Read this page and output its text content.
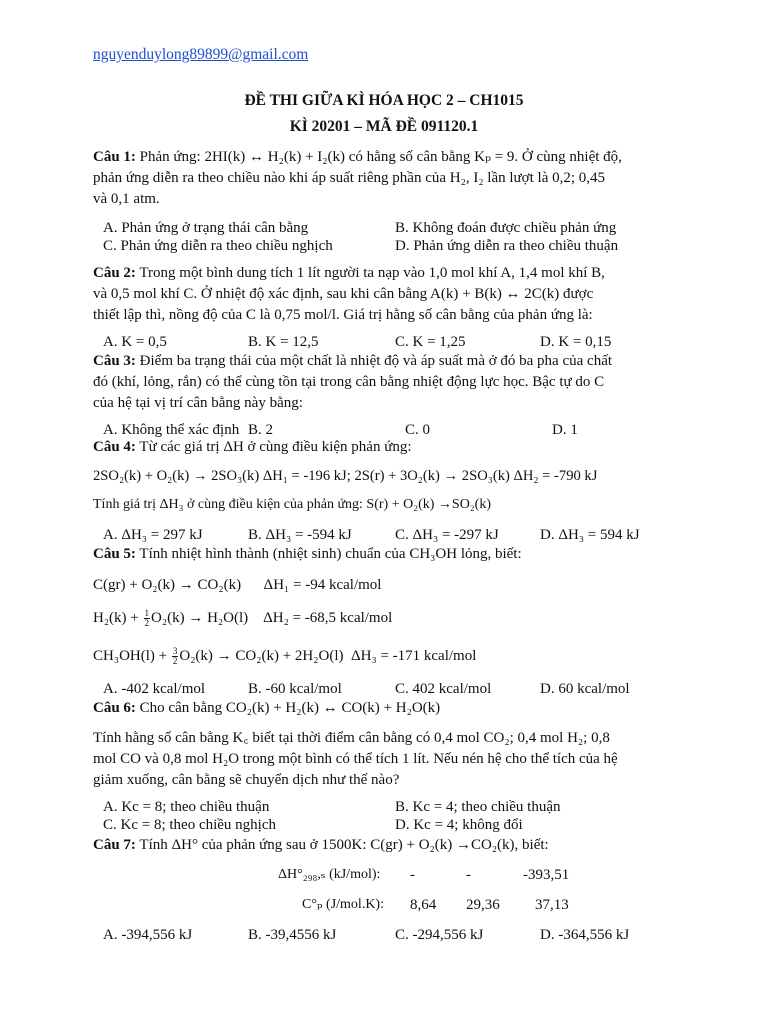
nguyenduylong89899@gmail.com
ĐỀ THI GIỮA KÌ HÓA HỌC 2 – CH1015
KÌ 20201 – MÃ ĐỀ 091120.1
Câu 1: Phản ứng: 2HI(k) ↔ H₂(k) + I₂(k) có hằng số cân bằng Kₚ = 9. Ở cùng nhiệt độ,
phản ứng diễn ra theo chiều nào khi áp suất riêng phần của H₂, I₂ lần lượt là 0,2; 0,45
và 0,1 atm.
A. Phản ứng ở trạng thái cân bằng	B. Không đoán được chiều phản ứng
C. Phản ứng diễn ra theo chiều nghịch	D. Phản ứng diễn ra theo chiều thuận
Câu 2: Trong một bình dung tích 1 lít người ta nạp vào 1,0 mol khí A, 1,4 mol khí B,
và 0,5 mol khí C. Ở nhiệt độ xác định, sau khi cân bằng A(k) + B(k) ↔ 2C(k) được
thiết lập thì, nồng độ của C là 0,75 mol/l. Giá trị hằng số cân bằng của phản ứng là:
A. K = 0,5	B. K = 12,5	C. K = 1,25	D. K = 0,15
Câu 3: Điểm ba trạng thái của một chất là nhiệt độ và áp suất mà ở đó ba pha của chất
đó (khí, lỏng, rắn) có thể cùng tồn tại trong cân bằng nhiệt động lực học. Bậc tự do C
của hệ tại vị trí cân bằng này bằng:
A. Không thể xác định B. 2	C. 0	D. 1
Câu 4: Từ các giá trị ΔH ở cùng điều kiện phản ứng:
2SO₂(k) + O₂(k) → 2SO₃(k) ΔH₁ = -196 kJ; 2S(r) + 3O₂(k) → 2SO₃(k) ΔH₂ = -790 kJ
Tính giá trị ΔH₃ ở cùng điều kiện của phản ứng: S(r) + O₂(k) →SO₂(k)
A. ΔH₃ = 297 kJ	B. ΔH₃ = -594 kJ	C. ΔH₃ = -297 kJ	D. ΔH₃ = 594 kJ
Câu 5: Tính nhiệt hình thành (nhiệt sinh) chuẩn của CH₃OH lỏng, biết:
C(gr) + O₂(k) → CO₂(k)      ΔH₁ = -94 kcal/mol
$H_2(k) + \frac{1}{2} O_2(k) \to H_2O(l)$    ΔH₂ = -68,5 kcal/mol
$CH_3OH(l) + \frac{3}{2} O_2(k) \to CO_2(k) + 2H_2O(l) \Delta H_3 = -171$ kcal/mol
A. -402 kcal/mol	B. -60 kcal/mol	C. 402 kcal/mol	D. 60 kcal/mol
Câu 6: Cho cân bằng CO₂(k) + H₂(k) ↔ CO(k) + H₂O(k)
Tính hằng số cân bằng K꜀ biết tại thời điểm cân bằng có 0,4 mol CO₂; 0,4 mol H₂; 0,8
mol CO và 0,8 mol H₂O trong một bình có thể tích 1 lít. Nếu nén hệ cho thể tích của hệ
giảm xuống, cân bằng sẽ chuyển dịch như thế nào?
A. Kc = 8; theo chiều thuận	B. Kc = 4; theo chiều thuận
C. Kc = 8; theo chiều nghịch	D. Kc = 4; không đổi
Câu 7: Tính ΔH° của phản ứng sau ở 1500K: C(gr) + O₂(k) →CO₂(k), biết:
ΔH°₂₉₈,ₛ (kJ/mol): -	-	-393,51
C°ₚ (J/mol.K): 8,64 29,36 37,13
A. -394,556 kJ	B. -39,4556 kJ	C. -294,556 kJ	D. -364,556 kJ
